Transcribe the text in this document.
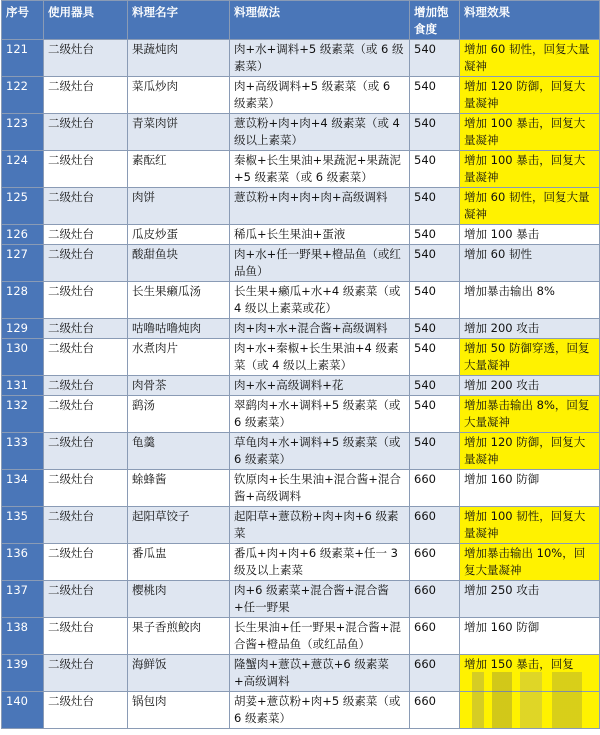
序号	使用器具	料理名字	料理做法	增加饱食度	料理效果
121	二级灶台	果蔬炖肉	肉+水+调料+5 级素菜（或 6 级素菜）	540	增加 60 韧性，回复大量凝神
122	二级灶台	菜瓜炒肉	肉+高级调料+5 级素菜（或 6 级素菜）	540	增加 120 防御，回复大量凝神
123	二级灶台	青菜肉饼	薏苡粉+肉+肉+4 级素菜（或 4 级以上素菜）	540	增加 100 暴击，回复大量凝神
124	二级灶台	素酝红	秦椒+长生果油+果蔬泥+果蔬泥+5 级素菜（或 6 级素菜）	540	增加 100 暴击，回复大量凝神
125	二级灶台	肉饼	薏苡粉+肉+肉+肉+高级调料	540	增加 60 韧性，回复大量凝神
126	二级灶台	瓜皮炒蛋	稀瓜+长生果油+蛋液	540	增加 100 暴击
127	二级灶台	酸甜鱼块	肉+水+任一野果+橙品鱼（或红品鱼）	540	增加 60 韧性
128	二级灶台	长生果癞瓜汤	长生果+癞瓜+水+4 级素菜（或 4 级以上素菜或花）	540	增加暴击输出 8%
129	二级灶台	咕噜咕噜炖肉	肉+肉+水+混合酱+高级调料	540	增加 200 攻击
130	二级灶台	水煮肉片	肉+水+秦椒+长生果油+4 级素菜（或 4 级以上素菜）	540	增加 50 防御穿透，回复大量凝神
131	二级灶台	肉骨茶	肉+水+高级调料+花	540	增加 200 攻击
132	二级灶台	鹞汤	翠鹞肉+水+调料+5 级素菜（或 6 级素菜）	540	增加暴击输出 8%，回复大量凝神
133	二级灶台	龟羹	草龟肉+水+调料+5 级素菜（或 6 级素菜）	540	增加 120 防御，回复大量凝神
134	二级灶台	蜍蜂酱	钦原肉+长生果油+混合酱+混合酱+高级调料	660	增加 160 防御
135	二级灶台	起阳草饺子	起阳草+薏苡粉+肉+肉+6 级素菜	660	增加 100 韧性，回复大量凝神
136	二级灶台	番瓜盅	番瓜+肉+肉+6 级素菜+任一 3 级及以上素菜	660	增加暴击输出 10%，回复大量凝神
137	二级灶台	樱桃肉	肉+6 级素菜+混合酱+混合酱+任一野果	660	增加 250 攻击
138	二级灶台	果子香煎鲛肉	长生果油+任一野果+混合酱+混合酱+橙品鱼（或红品鱼）	660	增加 160 防御
139	二级灶台	海鲜饭	隆蟹肉+薏苡+薏苡+6 级素菜+高级调料	660	增加 150 暴击，回复
140	二级灶台	锅包肉	胡荽+薏苡粉+肉+5 级素菜（或 6 级素菜）	660	
